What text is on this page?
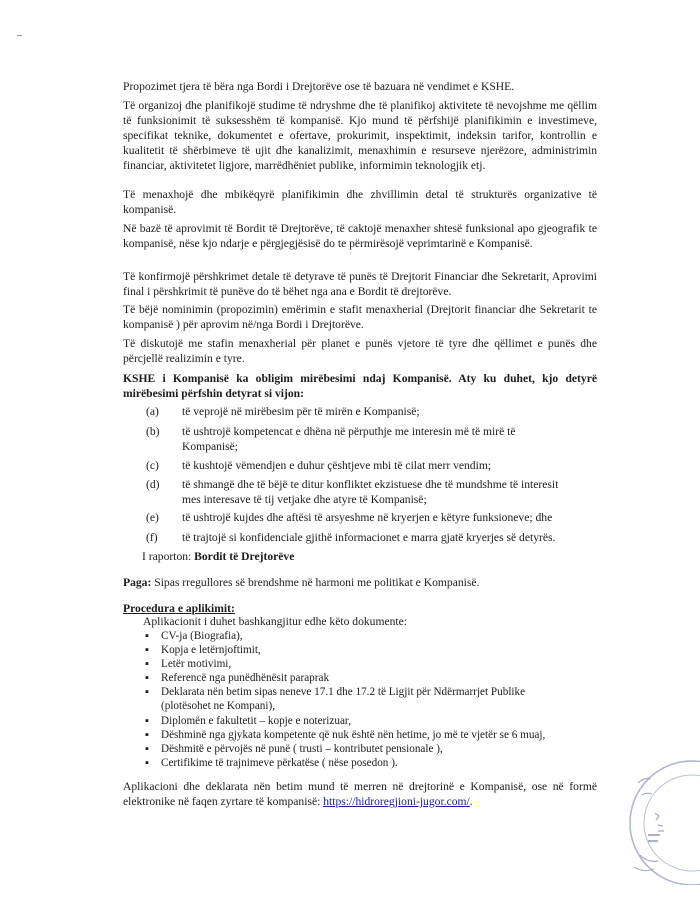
Propozimet tjera të bëra nga Bordi i Drejtorëve ose të bazuara në vendimet e KSHE.

Të organizoj dhe planifikojë studime të ndryshme dhe të planifikoj aktivitete të nevojshme me qëllim të funksionimit të suksesshëm të kompanisë. Kjo mund të përfshijë planifikimin e investimeve, specifikat teknike, dokumentet e ofertave, prokurimit, inspektimit, indeksin tarifor, kontrollin e kualitetit të shërbimeve të ujit dhe kanalizimit, menaxhimin e resurseve njerëzore, administrimin financiar, aktivitetet ligjore, marrëdhëniet publike, informimin teknologjik etj.

Të menaxhojë dhe mbikëqyrë planifikimin dhe zhvillimin detal të strukturës organizative të kompanisë.

Në bazë të aprovimit të Bordit të Drejtorëve, të caktojë menaxher shtesë funksional apo gjeografik te kompanisë, nëse kjo ndarje e përgjegjësisë do te përmirësojë veprimtarinë e Kompanisë.

Të konfirmojë përshkrimet detale të detyrave të punës të Drejtorit Financiar dhe Sekretarit, Aprovimi final i përshkrimit të punëve do të bëhet nga ana e Bordit të drejtorëve.

Të bëjë nominimin (propozimin) emërimin e stafit menaxherial (Drejtorit financiar dhe Sekretarit te kompanisë ) për aprovim në/nga Bordi i Drejtorëve.

Të diskutojë me stafin menaxherial për planet e punës vjetore të tyre dhe qëllimet e punës dhe përcjellë realizimin e tyre.

KSHE i Kompanisë ka obligim mirëbesimi ndaj Kompanisë. Aty ku duhet, kjo detyrë mirëbesimi përfshin detyrat si vijon:

(a) të veprojë në mirëbesim për të mirën e Kompanisë;
(b) të ushtrojë kompetencat e dhëna në përputhje me interesin më të mirë të Kompanisë;
(c) të kushtojë vëmendjen e duhur çështjeve mbi të cilat merr vendim;
(d) të shmangë dhe të bëjë te ditur konfliktet ekzistuese dhe të mundshme të interesit mes interesave të tij vetjake dhe atyre të Kompanisë;
(e) të ushtrojë kujdes dhe aftësi të arsyeshme në kryerjen e këtyre funksioneve; dhe
(f) të trajtojë si konfidenciale gjithë informacionet e marra gjatë kryerjes së detyrës.
I raporton: Bordit të Drejtorëve
Paga: Sipas rregullores së brendshme në harmoni me politikat e Kompanisë.
Procedura e aplikimit:
Aplikacionit i duhet bashkangjitur edhe këto dokumente:
▪ CV-ja (Biografia),
▪ Kopja e letërnjoftimit,
▪ Letër motivimi,
▪ Referencë nga punëdhënësit paraprak
▪ Deklarata nën betim sipas neneve 17.1 dhe 17.2 të Ligjit për Ndërmarrjet Publike
(plotësohet ne Kompani),
▪ Diplomën e fakultetit – kopje e noterizuar,
▪ Dëshminë nga gjykata kompetente që nuk është nën hetime, jo më te vjetër se 6 muaj,
▪ Dëshmitë e përvojës në punë ( trusti – kontributet pensionale ),
▪ Certifikime të trajnimeve përkatëse ( nëse posedon ).
Aplikacioni dhe deklarata nën betim mund të merren në drejtorinë e Kompanisë, ose në formë elektronike në faqen zyrtare të kompanisë: https://hidroregjioni-jugor.com/.
